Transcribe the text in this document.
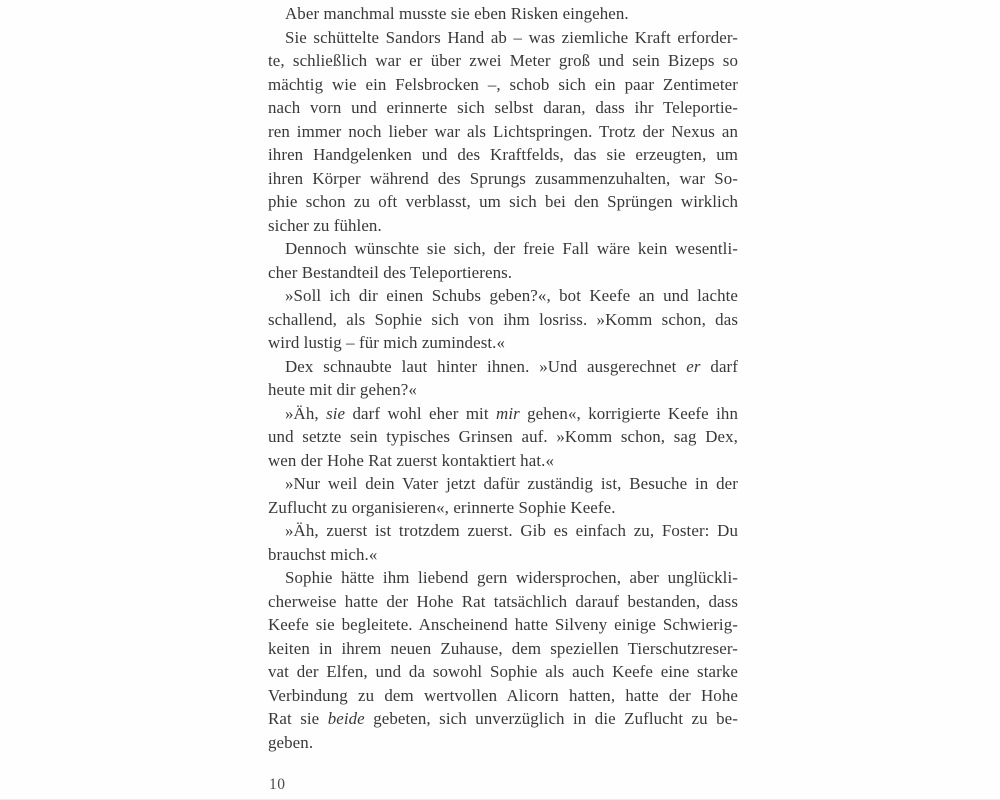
Aber manchmal musste sie eben Risken eingehen.
Sie schüttelte Sandors Hand ab – was ziemliche Kraft erforder-
te, schließlich war er über zwei Meter groß und sein Bizeps so
mächtig wie ein Felsbrocken –, schob sich ein paar Zentimeter
nach vorn und erinnerte sich selbst daran, dass ihr Teleportie-
ren immer noch lieber war als Lichtspringen. Trotz der Nexus an
ihren Handgelenken und des Kraftfelds, das sie erzeugten, um
ihren Körper während des Sprungs zusammenzuhalten, war So-
phie schon zu oft verblasst, um sich bei den Sprüngen wirklich
sicher zu fühlen.
Dennoch wünschte sie sich, der freie Fall wäre kein wesentli-
cher Bestandteil des Teleportierens.
»Soll ich dir einen Schubs geben?«, bot Keefe an und lachte
schallend, als Sophie sich von ihm losriss. »Komm schon, das
wird lustig – für mich zumindest.«
Dex schnaubte laut hinter ihnen. »Und ausgerechnet er darf
heute mit dir gehen?«
»Äh, sie darf wohl eher mit mir gehen«, korrigierte Keefe ihn
und setzte sein typisches Grinsen auf. »Komm schon, sag Dex,
wen der Hohe Rat zuerst kontaktiert hat.«
»Nur weil dein Vater jetzt dafür zuständig ist, Besuche in der
Zuflucht zu organisieren«, erinnerte Sophie Keefe.
»Äh, zuerst ist trotzdem zuerst. Gib es einfach zu, Foster: Du
brauchst mich.«
Sophie hätte ihm liebend gern widersprochen, aber unglückli-
cherweise hatte der Hohe Rat tatsächlich darauf bestanden, dass
Keefe sie begleitete. Anscheinend hatte Silveny einige Schwierig-
keiten in ihrem neuen Zuhause, dem speziellen Tierschutzreser-
vat der Elfen, und da sowohl Sophie als auch Keefe eine starke
Verbindung zu dem wertvollen Alicorn hatten, hatte der Hohe
Rat sie beide gebeten, sich unverzüglich in die Zuflucht zu be-
geben.
10
